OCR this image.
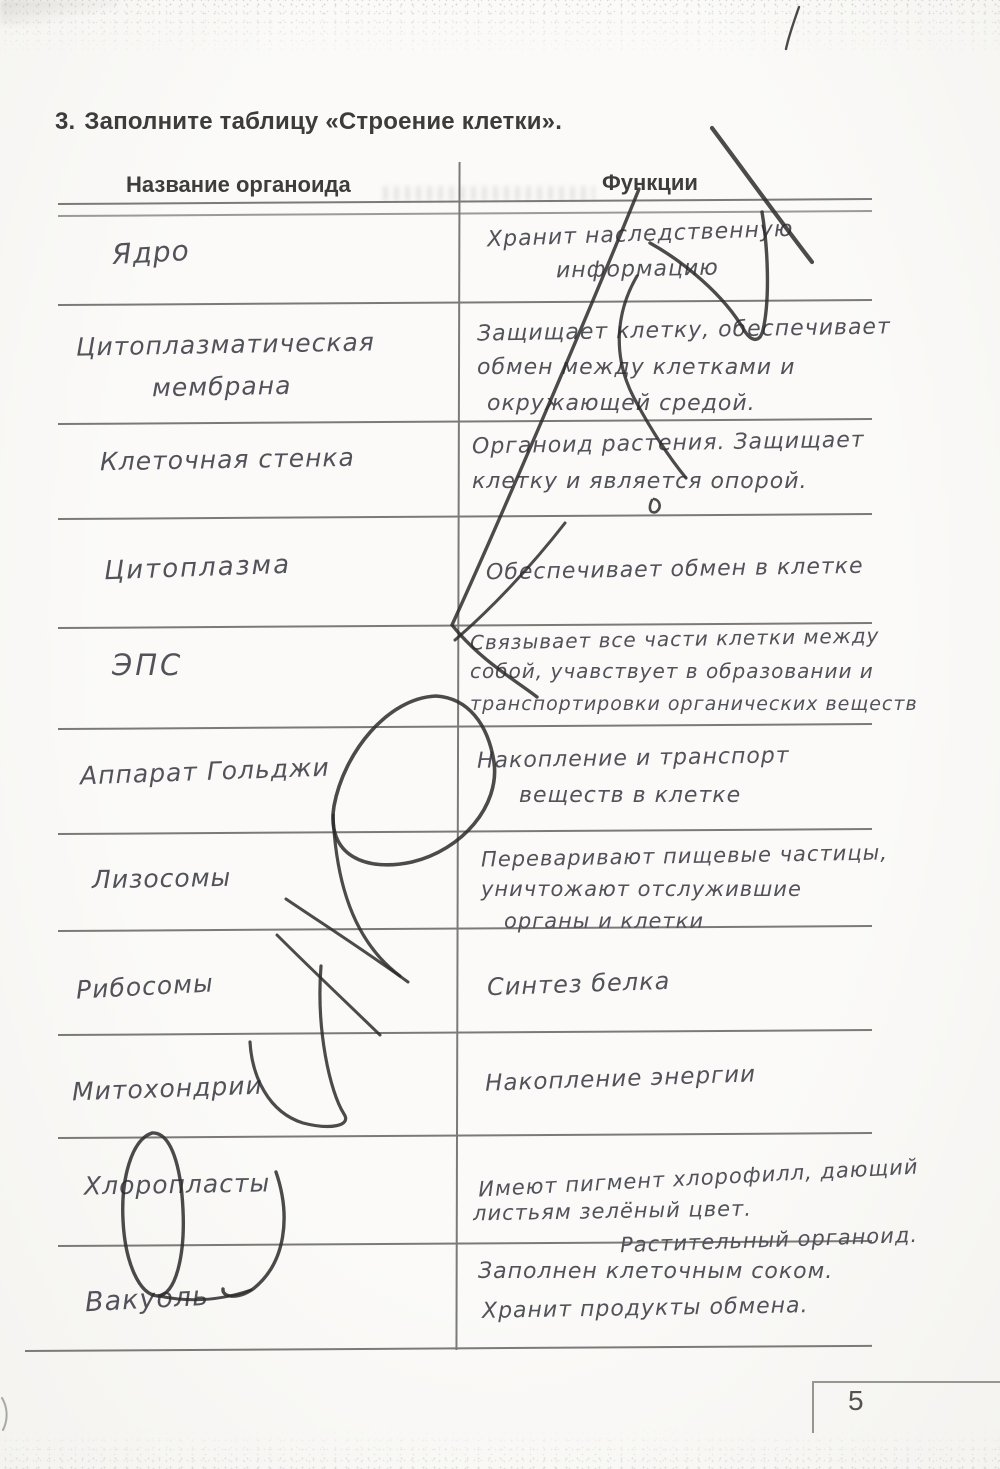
3. Заполните таблицу «Строение клетки».
Название органоида	Функции
Ядро
Цитоплазматическая
мембрана
Клеточная стенка
Цитоплазма
ЭПС
Аппарат Гольджи
Лизосомы
Рибосомы
Митохондрии
Хлоропласты
Вакуоль
Хранит наследственную
информацию
Защищает клетку, обеспечивает
обмен между клетками и
окружающей средой.
Органоид растения. Защищает
клетку и является опорой.
Обеспечивает обмен в клетке
Связывает все части клетки между
собой, учавствует в образовании и
транспортировки органических веществ
Накопление и транспорт
веществ в клетке
Переваривают пищевые частицы,
уничтожают отслужившие
органы и клетки
Синтез белка
Накопление энергии
Имеют пигмент хлорофилл, дающий
листьям зелёный цвет.
Растительный органоид.
Заполнен клеточным соком.
Хранит продукты обмена.
5
